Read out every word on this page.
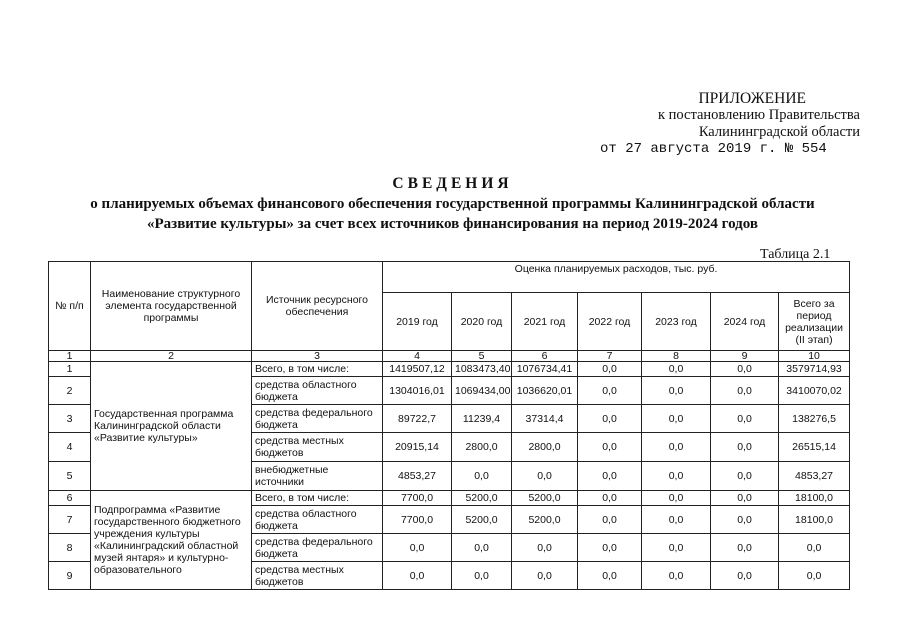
ПРИЛОЖЕНИЕ
к постановлению Правительства
Калининградской области
от 27 августа 2019 г. № 554
СВЕДЕНИЯ
о планируемых объемах финансового обеспечения государственной программы Калининградской области
«Развитие культуры» за счет всех источников финансирования на период 2019-2024 годов
Таблица 2.1
№ п/п	Наименование структурного элемента государственной программы	Источник ресурсного обеспечения	Оценка планируемых расходов, тыс. руб.						
			2019 год	2020 год	2021 год	2022 год	2023 год	2024 год	Всего за период реализации (II этап)
1	2	3	4	5	6	7	8	9	10
1	Государственная программа Калининградской области «Развитие культуры»	Всего, в том числе:	1419507,12	1083473,40	1076734,41	0,0	0,0	0,0	3579714,93
2		средства областного бюджета	1304016,01	1069434,00	1036620,01	0,0	0,0	0,0	3410070,02
3		средства федерального бюджета	89722,7	11239,4	37314,4	0,0	0,0	0,0	138276,5
4		средства местных бюджетов	20915,14	2800,0	2800,0	0,0	0,0	0,0	26515,14
5		внебюджетные источники	4853,27	0,0	0,0	0,0	0,0	0,0	4853,27
6	Подпрограмма «Развитие государственного бюджетного учреждения культуры «Калининградский областной музей янтаря» и культурно-образовательного	Всего, в том числе:	7700,0	5200,0	5200,0	0,0	0,0	0,0	18100,0
7		средства областного бюджета	7700,0	5200,0	5200,0	0,0	0,0	0,0	18100,0
8		средства федерального бюджета	0,0	0,0	0,0	0,0	0,0	0,0	0,0
9		средства местных бюджетов	0,0	0,0	0,0	0,0	0,0	0,0	0,0
